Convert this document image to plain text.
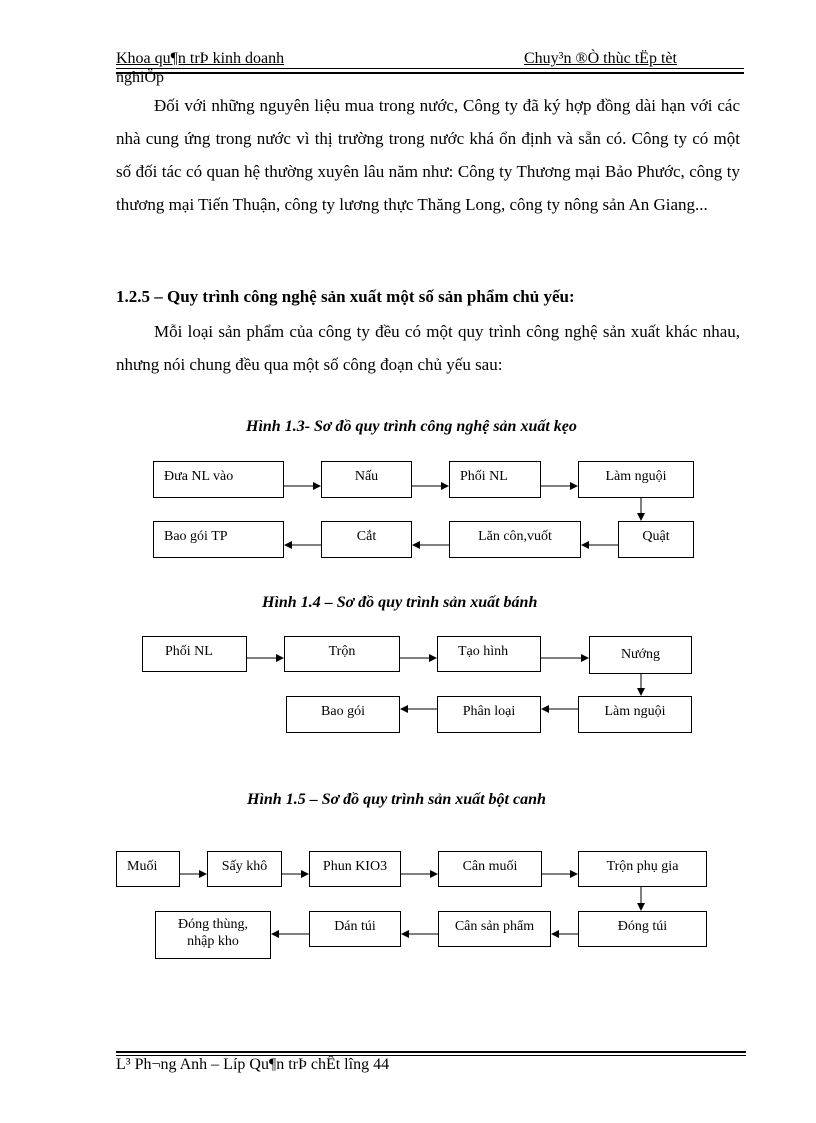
Khoa qu¶n trÞ kinh doanh	Chuy³n ®Ò thùc tËp tèt
nghiÖp
Đối với những nguyên liệu mua trong nước, Công ty đã ký hợp đồng dài hạn với các nhà cung ứng trong nước vì thị trường trong nước khá ổn định và sẵn có. Công ty có một số đối tác có quan hệ thường xuyên lâu năm như: Công ty Thương mại Bảo Phước, công ty thương mại Tiến Thuận, công ty lương thực Thăng Long, công ty nông sản An Giang...
1.2.5 – Quy trình công nghệ sản xuất một số sản phẩm chủ yếu:
Mỗi loại sản phẩm của công ty đều có một quy trình công nghệ sản xuất khác nhau, nhưng nói chung đều qua một số công đoạn chủ yếu sau:
Hình 1.3- Sơ đồ quy trình công nghệ sản xuất kẹo
Đưa NL vào	Nấu	Phối NL	Làm nguội
Quật
Lăn côn,vuốt
Cắt
Bao gói TP
Hình 1.4 – Sơ đồ quy trình sản xuất bánh
Phối NL	Trộn	Tạo hình	Nướng
Làm nguội
Phân loại
Bao gói
Hình 1.5 – Sơ đồ quy trình sản xuất bột canh
Muối	Sấy khô	Phun KIO3	Cân muối	Trộn phụ gia
Đóng túi
Cân sản phẩm
Dán túi
Đóng thùng,
nhập kho
L³ Ph¬ng Anh – Líp Qu¶n trÞ chÊt lîng 44
